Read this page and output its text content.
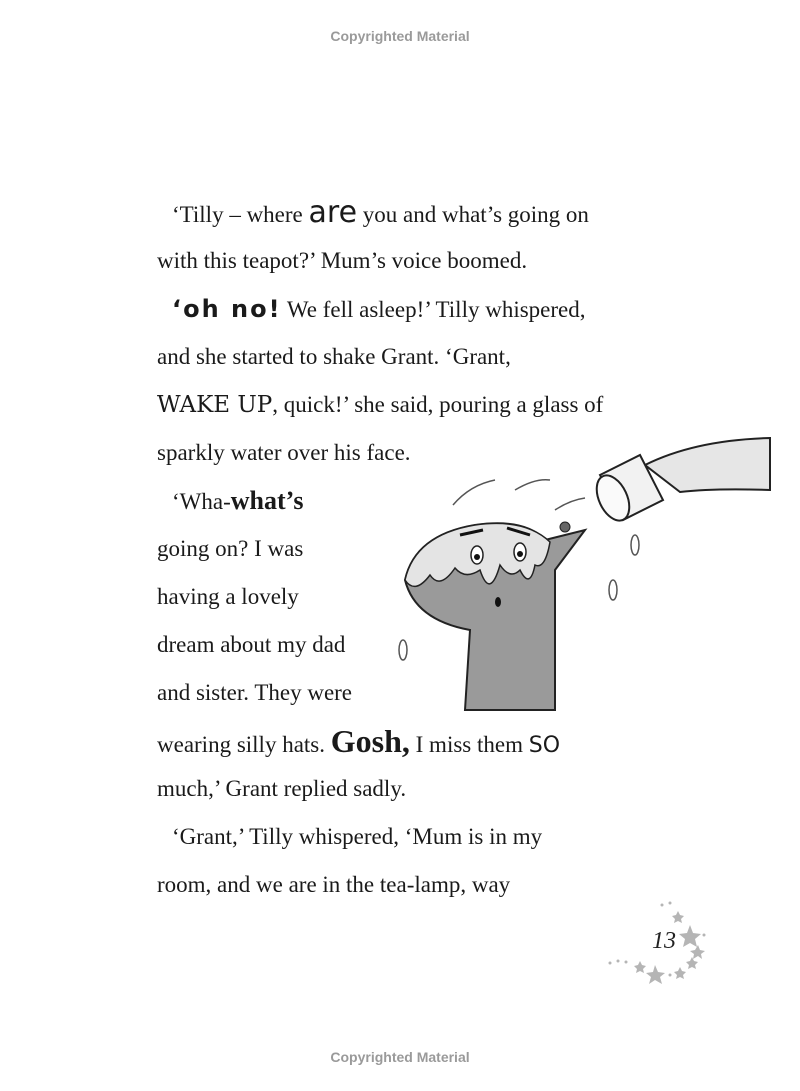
Copyrighted Material
‘Tilly – where are you and what’s going on
with this teapot?’ Mum’s voice boomed.
‘oh no! We fell asleep!’ Tilly whispered,
and she started to shake Grant. ‘Grant,
WAKE UP, quick!’ she said, pouring a glass of
sparkly water over his face.
‘Wha-what’s
going on? I was
having a lovely
dream about my dad
and sister. They were
wearing silly hats. Gosh, I miss them SO
much,’ Grant replied sadly.
‘Grant,’ Tilly whispered, ‘Mum is in my
room, and we are in the tea-lamp, way
13
Copyrighted Material
